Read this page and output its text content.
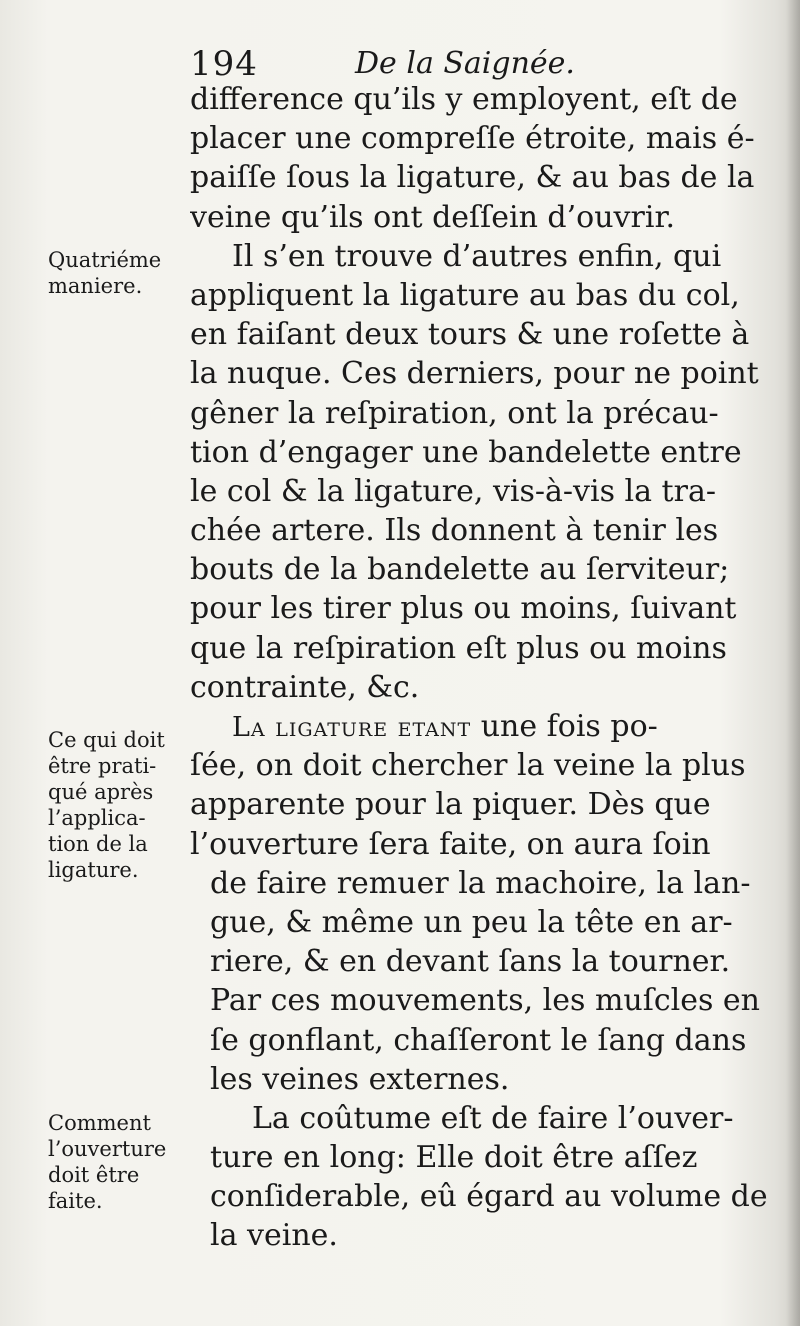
194	De la Saignée.
difference qu’ils y employent, eſt de
placer une compreſſe étroite, mais é-
paiſſe ſous la ligature, & au bas de la
veine qu’ils ont deſſein d’ouvrir.
Il s’en trouve d’autres enfin, qui
appliquent la ligature au bas du col,
en faiſant deux tours & une roſette à
la nuque. Ces derniers, pour ne point
gêner la reſpiration, ont la précau-
tion d’engager une bandelette entre
le col & la ligature, vis-à-vis la tra-
chée artere. Ils donnent à tenir les
bouts de la bandelette au ſerviteur;
pour les tirer plus ou moins, ſuivant
que la reſpiration eſt plus ou moins
contrainte, &c.
La ligature etant une fois po-
ſée, on doit chercher la veine la plus
apparente pour la piquer. Dès que
l’ouverture ſera faite, on aura ſoin
de faire remuer la machoire, la lan-
gue, & même un peu la tête en ar-
riere, & en devant ſans la tourner.
Par ces mouvements, les muſcles en
ſe gonflant, chaſſeront le ſang dans
les veines externes.
La coûtume eſt de faire l’ouver-
ture en long: Elle doit être aſſez
conſiderable, eû égard au volume de
la veine.
Quatriéme
maniere.
Ce qui doit
être prati-
qué après
l’applica-
tion de la
ligature.
Comment
l’ouverture
doit être
faite.
